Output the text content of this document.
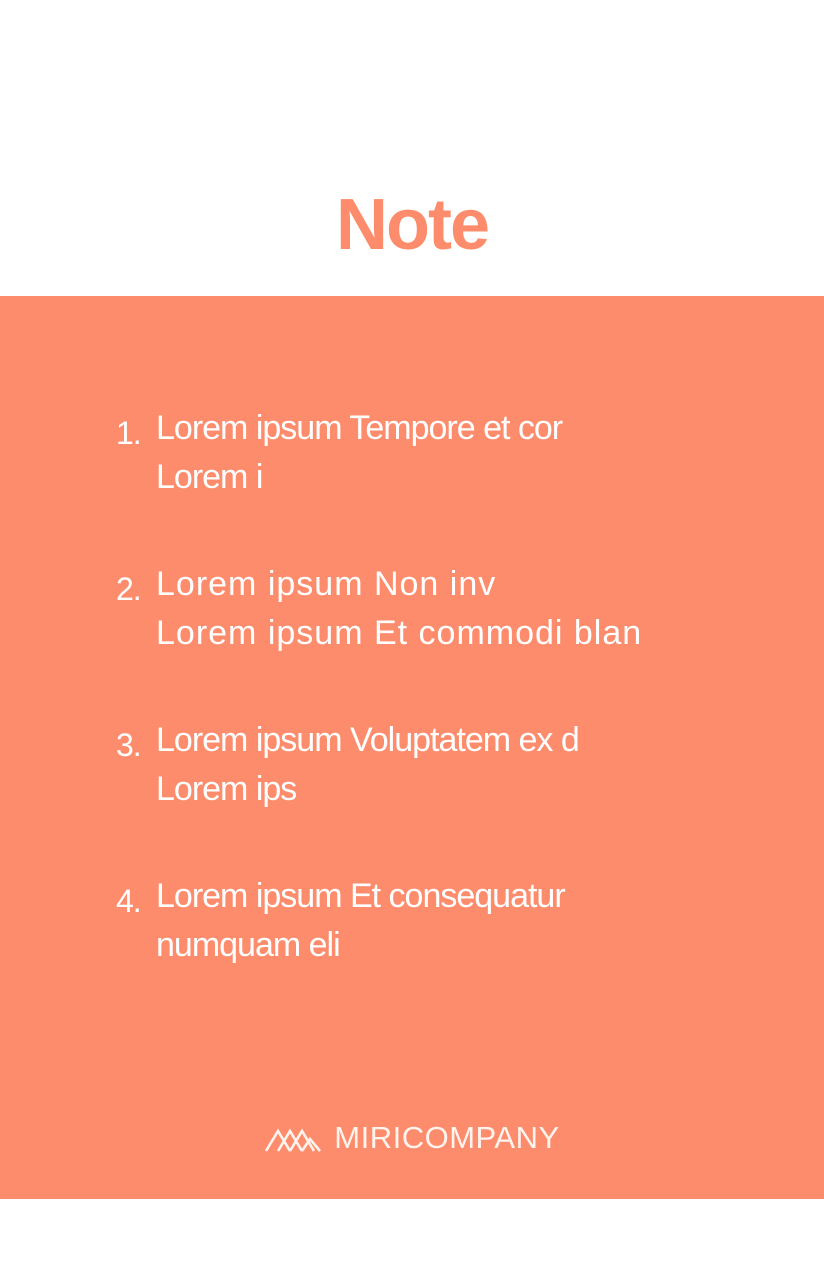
Note
1. Lorem ipsum Tempore et cor
Lorem i
2. Lorem ipsum Non inv
Lorem ipsum Et commodi blan
3. Lorem ipsum Voluptatem ex d
Lorem ips
4. Lorem ipsum Et consequatur
numquam eli
MIRICOMPANY
